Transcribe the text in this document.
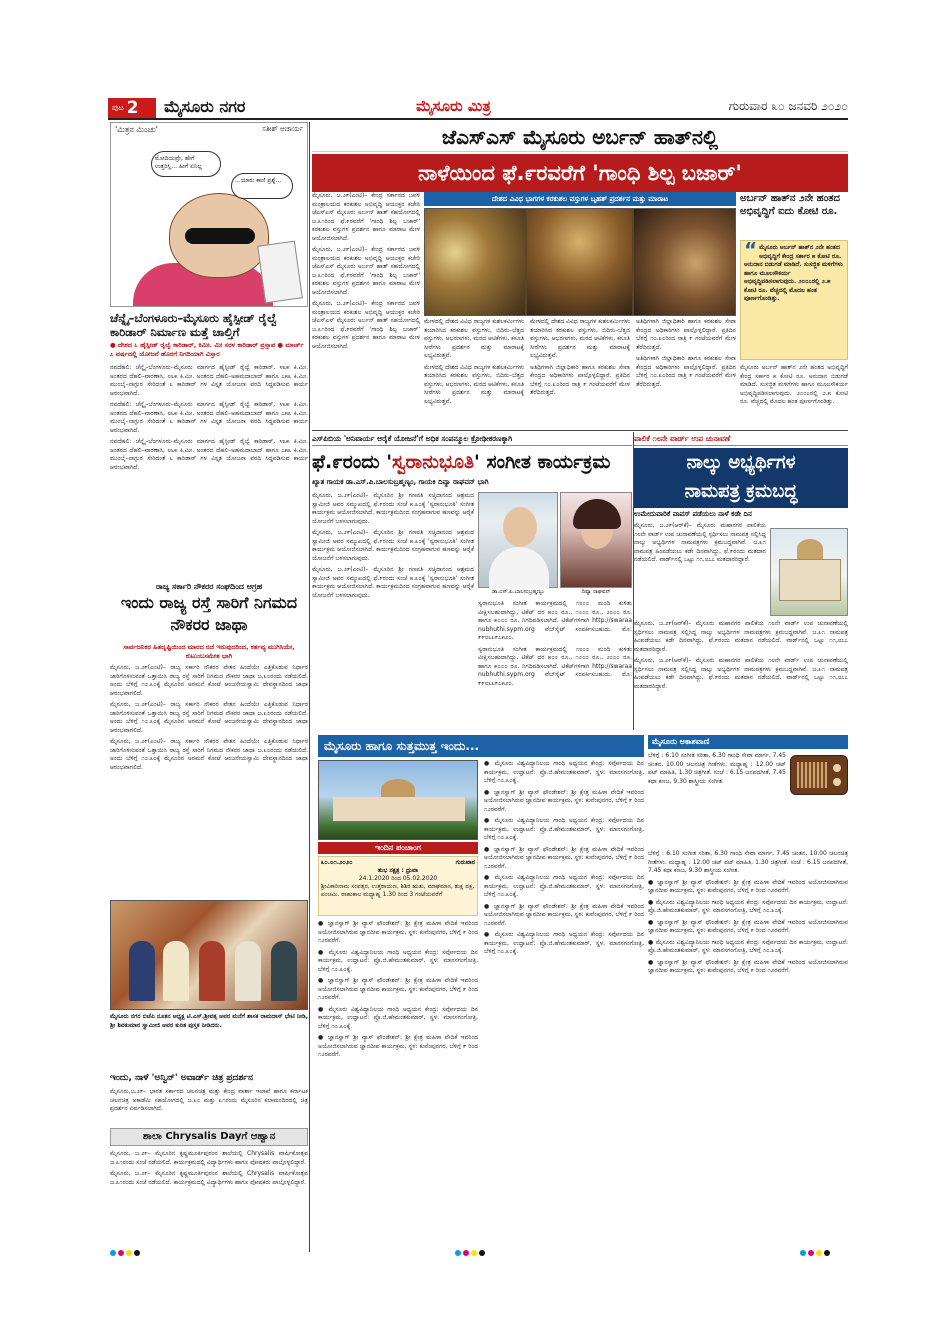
ಪುಟ 2 ಮೈಸೂರು ನಗರ	ಮೈಸೂರು ಮಿತ್ರ	ಗುರುವಾರ ೩೦ ಜನವರಿ ೨೦೨೦
'ಮಿತ್ರನ ಮಿಂಚು'	ಸತೀಶ್ ಆಚಾರ್ಯ
ಮೋದಿಯವ್ರೇ, ಹೇಗೆ ಉತ್ತರಿಸ್ಲಿ... ಹೀಗೆ ಏನಿಲ್ಲ
...ಯಾರು ಕಾಣಿ ಪ್ರಶ್ನೆ...
ಚೆನ್ನೈ–ಬೆಂಗಳೂರು–ಮೈಸೂರು ಹೈಸ್ಪೀಡ್ ರೈಲ್ವೆ ಕಾರಿಡಾರ್ ನಿರ್ಮಾಣ ಮತ್ತೆ ಚಾಲ್ತಿಗೆ
● ದೇಶದ ೬ ಹೈಸ್ಪೀಡ್ ರೈಲ್ವೆ ಕಾರಿಡಾರ್, ಕಿಮೀ. ಮೀ ಸರಳ ಕಾರಿಡಾರ್ ಪ್ರಸ್ತಾಪ ● ಮಾರ್ಚ್ ೭ ವರ್ಷದಲ್ಲಿ ಯೋಜನೆ ಹೊರಗೆ ನಿಗದಿಯಾಗಿ ವಿಸ್ತಾರ

ನವದೆಹಲಿ: ಚೆನ್ನೈ–ಬೆಂಗಳೂರು–ಮೈಸೂರು ಮಾರ್ಗದ ಹೈಸ್ಪೀಡ್ ರೈಲ್ವೆ ಕಾರಿಡಾರ್, ೪೩೫ ಕಿ.ಮೀ. ಅಂತರದ ದೆಹಲಿ–ವಾರಣಾಸಿ, ೮೬೫ ಕಿ.ಮೀ. ಅಂತರದ ದೆಹಲಿ–ಅಹಮದಾಬಾದ್ ಹಾಗೂ ೭೫೩ ಕಿ.ಮೀ. ಮುಂಬೈ–ನಾಗ್ಪುರ ಸೇರಿದಂತೆ ೬ ಕಾರಿಡಾರ್ ಗಳ ವಿಸ್ತೃತ ಯೋಜನಾ ವರದಿ ಸಿದ್ಧಪಡಿಸುವ ಕಾರ್ಯ ಆರಂಭವಾಗಿದೆ.

ನವದೆಹಲಿ: ಚೆನ್ನೈ–ಬೆಂಗಳೂರು–ಮೈಸೂರು ಮಾರ್ಗದ ಹೈಸ್ಪೀಡ್ ರೈಲ್ವೆ ಕಾರಿಡಾರ್, ೪೩೫ ಕಿ.ಮೀ. ಅಂತರದ ದೆಹಲಿ–ವಾರಣಾಸಿ, ೮೬೫ ಕಿ.ಮೀ. ಅಂತರದ ದೆಹಲಿ–ಅಹಮದಾಬಾದ್ ಹಾಗೂ ೭೫೩ ಕಿ.ಮೀ. ಮುಂಬೈ–ನಾಗ್ಪುರ ಸೇರಿದಂತೆ ೬ ಕಾರಿಡಾರ್ ಗಳ ವಿಸ್ತೃತ ಯೋಜನಾ ವರದಿ ಸಿದ್ಧಪಡಿಸುವ ಕಾರ್ಯ ಆರಂಭವಾಗಿದೆ.

ನವದೆಹಲಿ: ಚೆನ್ನೈ–ಬೆಂಗಳೂರು–ಮೈಸೂರು ಮಾರ್ಗದ ಹೈಸ್ಪೀಡ್ ರೈಲ್ವೆ ಕಾರಿಡಾರ್, ೪೩೫ ಕಿ.ಮೀ. ಅಂತರದ ದೆಹಲಿ–ವಾರಣಾಸಿ, ೮೬೫ ಕಿ.ಮೀ. ಅಂತರದ ದೆಹಲಿ–ಅಹಮದಾಬಾದ್ ಹಾಗೂ ೭೫೩ ಕಿ.ಮೀ. ಮುಂಬೈ–ನಾಗ್ಪುರ ಸೇರಿದಂತೆ ೬ ಕಾರಿಡಾರ್ ಗಳ ವಿಸ್ತೃತ ಯೋಜನಾ ವರದಿ ಸಿದ್ಧಪಡಿಸುವ ಕಾರ್ಯ ಆರಂಭವಾಗಿದೆ.

ರಾಜ್ಯ ಸರ್ಕಾರಿ ನೌಕರರ ಸಂಘದಿಂದ ಆಗ್ರಹ
ಇಂದು ರಾಜ್ಯ ರಸ್ತೆ ಸಾರಿಗೆ ನಿಗಮದ ನೌಕರರ ಜಾಥಾ
ಸಾರ್ವಜನಿಕರ ಹಿತದೃಷ್ಟಿಯಿಂದ ಮಾರದ ರಜೆ ಇರುವುದರಿಂದ, ಕರ್ತವ್ಯ ಮುಗಿಸಿಯೇ, ಕುಟುಂಬಸಮೇತ ಭಾಗಿ

ಮೈಸೂರು, ಜ.೨೯(ಎಂಟಿ)– ರಾಜ್ಯ ಸರ್ಕಾರಿ ನೌಕರರ ವೇತನ ಹಿಂದೆಯೇ ಎತ್ತಿಕೊಡುವ ನಿರ್ಧಾರ ಜಾರಿಗೊಳಿಸುವಂತೆ ಒತ್ತಾಯಿಸಿ ರಾಜ್ಯ ರಸ್ತೆ ಸಾರಿಗೆ ನಿಗಮದ ನೌಕರರ ಜಾಥಾ ಜ.೩೦ರಂದು ನಡೆಯಲಿದೆ. ಅಂದು ಬೆಳಿಗ್ಗೆ ೧೦.೩೦ಕ್ಕೆ ಮೈಸೂರಿನ ಅರಮನೆ ಕೋಟೆ ಆಂಜನೇಯಸ್ವಾಮಿ ದೇವಸ್ಥಾನದಿಂದ ಜಾಥಾ ಆರಂಭವಾಗಲಿದೆ.

ಮೈಸೂರು, ಜ.೨೯(ಎಂಟಿ)– ರಾಜ್ಯ ಸರ್ಕಾರಿ ನೌಕರರ ವೇತನ ಹಿಂದೆಯೇ ಎತ್ತಿಕೊಡುವ ನಿರ್ಧಾರ ಜಾರಿಗೊಳಿಸುವಂತೆ ಒತ್ತಾಯಿಸಿ ರಾಜ್ಯ ರಸ್ತೆ ಸಾರಿಗೆ ನಿಗಮದ ನೌಕರರ ಜಾಥಾ ಜ.೩೦ರಂದು ನಡೆಯಲಿದೆ. ಅಂದು ಬೆಳಿಗ್ಗೆ ೧೦.೩೦ಕ್ಕೆ ಮೈಸೂರಿನ ಅರಮನೆ ಕೋಟೆ ಆಂಜನೇಯಸ್ವಾಮಿ ದೇವಸ್ಥಾನದಿಂದ ಜಾಥಾ ಆರಂಭವಾಗಲಿದೆ.

ಮೈಸೂರು, ಜ.೨೯(ಎಂಟಿ)– ರಾಜ್ಯ ಸರ್ಕಾರಿ ನೌಕರರ ವೇತನ ಹಿಂದೆಯೇ ಎತ್ತಿಕೊಡುವ ನಿರ್ಧಾರ ಜಾರಿಗೊಳಿಸುವಂತೆ ಒತ್ತಾಯಿಸಿ ರಾಜ್ಯ ರಸ್ತೆ ಸಾರಿಗೆ ನಿಗಮದ ನೌಕರರ ಜಾಥಾ ಜ.೩೦ರಂದು ನಡೆಯಲಿದೆ. ಅಂದು ಬೆಳಿಗ್ಗೆ ೧೦.೩೦ಕ್ಕೆ ಮೈಸೂರಿನ ಅರಮನೆ ಕೋಟೆ ಆಂಜನೇಯಸ್ವಾಮಿ ದೇವಸ್ಥಾನದಿಂದ ಜಾಥಾ ಆರಂಭವಾಗಲಿದೆ.

ಮೈಸೂರು ನಗರ ಬಿಜೆಪಿ ನೂತನ ಅಧ್ಯಕ್ಷ ಟಿ.ಎಸ್.ಶ್ರೀವತ್ಸ ಅವರ ಮನೆಗೆ ಶಾಸಕ ರಾಮದಾಸ್ ಭೇಟಿ ನೀಡಿ, ಶ್ರೀ ಶಿವಕುಮಾರ ಸ್ವಾಮೀಜಿ ಅವರ ಕುರಿತ ಪುಸ್ತಕ ನೀಡಿದರು.

ಇಂದು, ನಾಳೆ 'ಅನ್ವಿನ್' ಅವಾರ್ಡ್ ಚಿತ್ರ ಪ್ರದರ್ಶನ

ಮೈಸೂರು,ಜ.೨೯– ಭಾರತ ಸರ್ಕಾರದ ಚಲನಚಿತ್ರ ಮತ್ತು ಕೇಂದ್ರ ವಾರ್ತಾ ಇಲಾಖೆ ಹಾಗೂ ಕರ್ನಾಟಕ ಚಲನಚಿತ್ರ ಅಕಾಡೆಮಿ ಸಹಯೋಗದಲ್ಲಿ ಜ.೩೦ ಮತ್ತು ೩೧ರಂದು ಮೈಸೂರಿನ ಕಲಾಮಂದಿರದಲ್ಲಿ ಚಿತ್ರ ಪ್ರದರ್ಶನ ಏರ್ಪಡಿಸಲಾಗಿದೆ.

ಶಾಲಾ Chrysalis Dayಗೆ ಆಹ್ವಾನ

ಮೈಸೂರು, ಜ.೨೯– ಮೈಸೂರಿನ ಕೃಷ್ಣಮೂರ್ತಿಪುರಂನ ಶಾಲೆಯಲ್ಲಿ Chrysalis ವಾರ್ಷಿಕೋತ್ಸವ ಜ.೩೧ರಂದು ಸಂಜೆ ನಡೆಯಲಿದೆ. ಕಾರ್ಯಕ್ರಮದಲ್ಲಿ ವಿದ್ಯಾರ್ಥಿಗಳು ಹಾಗೂ ಪೋಷಕರು ಪಾಲ್ಗೊಳ್ಳಲಿದ್ದಾರೆ.

ಮೈಸೂರು, ಜ.೨೯– ಮೈಸೂರಿನ ಕೃಷ್ಣಮೂರ್ತಿಪುರಂನ ಶಾಲೆಯಲ್ಲಿ Chrysalis ವಾರ್ಷಿಕೋತ್ಸವ ಜ.೩೧ರಂದು ಸಂಜೆ ನಡೆಯಲಿದೆ. ಕಾರ್ಯಕ್ರಮದಲ್ಲಿ ವಿದ್ಯಾರ್ಥಿಗಳು ಹಾಗೂ ಪೋಷಕರು ಪಾಲ್ಗೊಳ್ಳಲಿದ್ದಾರೆ.

ಜೆಎಸ್‌ಎಸ್ ಮೈಸೂರು ಅರ್ಬನ್ ಹಾತ್‌ನಲ್ಲಿ
ನಾಳೆಯಿಂದ ಫೆ.೯ರವರೆಗೆ 'ಗಾಂಧಿ ಶಿಲ್ಪ ಬಜಾರ್'

ಮೈಸೂರು, ಜ.೨೯(ಎಂಟಿ)– ಕೇಂದ್ರ ಸರ್ಕಾರದ ಜವಳಿ ಮಂತ್ರಾಲಯದ ಕರಕುಶಲ ಅಭಿವೃದ್ಧಿ ಆಯುಕ್ತರ ಕಚೇರಿ ಜೆಎಸ್‌ಎಸ್ ಮೈಸೂರು ಅರ್ಬನ್ ಹಾತ್ ಸಹಯೋಗದಲ್ಲಿ ಜ.೩೧ರಿಂದ ಫೆ.೯ರವರೆಗೆ 'ಗಾಂಧಿ ಶಿಲ್ಪ ಬಜಾರ್' ಕರಕುಶಲ ವಸ್ತುಗಳ ಪ್ರದರ್ಶನ ಹಾಗೂ ಮಾರಾಟ ಮೇಳ ಆಯೋಜಿಸಲಾಗಿದೆ.

ಮೈಸೂರು, ಜ.೨೯(ಎಂಟಿ)– ಕೇಂದ್ರ ಸರ್ಕಾರದ ಜವಳಿ ಮಂತ್ರಾಲಯದ ಕರಕುಶಲ ಅಭಿವೃದ್ಧಿ ಆಯುಕ್ತರ ಕಚೇರಿ ಜೆಎಸ್‌ಎಸ್ ಮೈಸೂರು ಅರ್ಬನ್ ಹಾತ್ ಸಹಯೋಗದಲ್ಲಿ ಜ.೩೧ರಿಂದ ಫೆ.೯ರವರೆಗೆ 'ಗಾಂಧಿ ಶಿಲ್ಪ ಬಜಾರ್' ಕರಕುಶಲ ವಸ್ತುಗಳ ಪ್ರದರ್ಶನ ಹಾಗೂ ಮಾರಾಟ ಮೇಳ ಆಯೋಜಿಸಲಾಗಿದೆ.

ಮೈಸೂರು, ಜ.೨೯(ಎಂಟಿ)– ಕೇಂದ್ರ ಸರ್ಕಾರದ ಜವಳಿ ಮಂತ್ರಾಲಯದ ಕರಕುಶಲ ಅಭಿವೃದ್ಧಿ ಆಯುಕ್ತರ ಕಚೇರಿ ಜೆಎಸ್‌ಎಸ್ ಮೈಸೂರು ಅರ್ಬನ್ ಹಾತ್ ಸಹಯೋಗದಲ್ಲಿ ಜ.೩೧ರಿಂದ ಫೆ.೯ರವರೆಗೆ 'ಗಾಂಧಿ ಶಿಲ್ಪ ಬಜಾರ್' ಕರಕುಶಲ ವಸ್ತುಗಳ ಪ್ರದರ್ಶನ ಹಾಗೂ ಮಾರಾಟ ಮೇಳ ಆಯೋಜಿಸಲಾಗಿದೆ.

ದೇಶದ ವಿವಿಧ ಭಾಗಗಳ ಕರಕುಶಲ ವಸ್ತುಗಳ ಬೃಹತ್ ಪ್ರದರ್ಶನ ಮತ್ತು ಮಾರಾಟ

ಮೇಳದಲ್ಲಿ ದೇಶದ ವಿವಿಧ ರಾಜ್ಯಗಳ ಕುಶಲಕರ್ಮಿಗಳು ತಯಾರಿಸಿದ ಕರಕುಶಲ ವಸ್ತುಗಳು, ಬಿದಿರು–ಬೆತ್ತದ ವಸ್ತುಗಳು, ಆಭರಣಗಳು, ಮರದ ಆಟಿಕೆಗಳು, ಕಸೂತಿ ಸೀರೆಗಳು ಪ್ರದರ್ಶನ ಮತ್ತು ಮಾರಾಟಕ್ಕೆ ಲಭ್ಯವಿರುತ್ತವೆ.

ಮೇಳದಲ್ಲಿ ದೇಶದ ವಿವಿಧ ರಾಜ್ಯಗಳ ಕುಶಲಕರ್ಮಿಗಳು ತಯಾರಿಸಿದ ಕರಕುಶಲ ವಸ್ತುಗಳು, ಬಿದಿರು–ಬೆತ್ತದ ವಸ್ತುಗಳು, ಆಭರಣಗಳು, ಮರದ ಆಟಿಕೆಗಳು, ಕಸೂತಿ ಸೀರೆಗಳು ಪ್ರದರ್ಶನ ಮತ್ತು ಮಾರಾಟಕ್ಕೆ ಲಭ್ಯವಿರುತ್ತವೆ.

ಮೇಳದಲ್ಲಿ ದೇಶದ ವಿವಿಧ ರಾಜ್ಯಗಳ ಕುಶಲಕರ್ಮಿಗಳು ತಯಾರಿಸಿದ ಕರಕುಶಲ ವಸ್ತುಗಳು, ಬಿದಿರು–ಬೆತ್ತದ ವಸ್ತುಗಳು, ಆಭರಣಗಳು, ಮರದ ಆಟಿಕೆಗಳು, ಕಸೂತಿ ಸೀರೆಗಳು ಪ್ರದರ್ಶನ ಮತ್ತು ಮಾರಾಟಕ್ಕೆ ಲಭ್ಯವಿರುತ್ತವೆ.

ಅತಿಥಿಗಳಾಗಿ ಜಿಲ್ಲಾಧಿಕಾರಿ ಹಾಗೂ ಕರಕುಶಲ ಸೇವಾ ಕೇಂದ್ರದ ಅಧಿಕಾರಿಗಳು ಪಾಲ್ಗೊಳ್ಳಲಿದ್ದಾರೆ. ಪ್ರತಿದಿನ ಬೆಳಿಗ್ಗೆ ೧೦.೩೦ರಿಂದ ರಾತ್ರಿ ೯ ಗಂಟೆಯವರೆಗೆ ಮೇಳ ತೆರೆದಿರುತ್ತದೆ.

ಅತಿಥಿಗಳಾಗಿ ಜಿಲ್ಲಾಧಿಕಾರಿ ಹಾಗೂ ಕರಕುಶಲ ಸೇವಾ ಕೇಂದ್ರದ ಅಧಿಕಾರಿಗಳು ಪಾಲ್ಗೊಳ್ಳಲಿದ್ದಾರೆ. ಪ್ರತಿದಿನ ಬೆಳಿಗ್ಗೆ ೧೦.೩೦ರಿಂದ ರಾತ್ರಿ ೯ ಗಂಟೆಯವರೆಗೆ ಮೇಳ ತೆರೆದಿರುತ್ತದೆ.

ಅತಿಥಿಗಳಾಗಿ ಜಿಲ್ಲಾಧಿಕಾರಿ ಹಾಗೂ ಕರಕುಶಲ ಸೇವಾ ಕೇಂದ್ರದ ಅಧಿಕಾರಿಗಳು ಪಾಲ್ಗೊಳ್ಳಲಿದ್ದಾರೆ. ಪ್ರತಿದಿನ ಬೆಳಿಗ್ಗೆ ೧೦.೩೦ರಿಂದ ರಾತ್ರಿ ೯ ಗಂಟೆಯವರೆಗೆ ಮೇಳ ತೆರೆದಿರುತ್ತದೆ.

ಅರ್ಬನ್ ಹಾತ್‌ನ ೨ನೇ ಹಂತದ ಅಭಿವೃದ್ಧಿಗೆ ಐದು ಕೋಟಿ ರೂ.
“ ಮೈಸೂರು ಅರ್ಬನ್ ಹಾತ್‌ನ ೨ನೇ ಹಂತದ ಅಭಿವೃದ್ಧಿಗೆ ಕೇಂದ್ರ ಸರ್ಕಾರ ೫ ಕೋಟಿ ರೂ. ಅನುದಾನ ಬಿಡುಗಡೆ ಮಾಡಿದೆ. ಸುಸಜ್ಜಿತ ಮಳಿಗೆಗಳು ಹಾಗೂ ಮೂಲಸೌಕರ್ಯ ಅಭಿವೃದ್ಧಿಪಡಿಸಲಾಗುವುದು. ೨೦೦೭ರಲ್ಲಿ ೨.೫ ಕೋಟಿ ರೂ. ವೆಚ್ಚದಲ್ಲಿ ಮೊದಲ ಹಂತ ಪೂರ್ಣಗೊಂಡಿತ್ತು.

ಮೈಸೂರು ಅರ್ಬನ್ ಹಾತ್‌ನ ೨ನೇ ಹಂತದ ಅಭಿವೃದ್ಧಿಗೆ ಕೇಂದ್ರ ಸರ್ಕಾರ ೫ ಕೋಟಿ ರೂ. ಅನುದಾನ ಬಿಡುಗಡೆ ಮಾಡಿದೆ. ಸುಸಜ್ಜಿತ ಮಳಿಗೆಗಳು ಹಾಗೂ ಮೂಲಸೌಕರ್ಯ ಅಭಿವೃದ್ಧಿಪಡಿಸಲಾಗುವುದು. ೨೦೦೭ರಲ್ಲಿ ೨.೫ ಕೋಟಿ ರೂ. ವೆಚ್ಚದಲ್ಲಿ ಮೊದಲ ಹಂತ ಪೂರ್ಣಗೊಂಡಿತ್ತು.

ಎಸ್‌ಪಿಬಿಯ 'ಅನಿವಾರ್ಯ ಆರೈಕೆ ಯೋಜನೆ'ಗೆ ಅಧಿಕ ಸಂಪನ್ಮೂಲ ಕ್ರೋಢೀಕರಣಕ್ಕಾಗಿ
ಫೆ.೯ರಂದು 'ಸ್ವರಾನುಭೂತಿ' ಸಂಗೀತ ಕಾರ್ಯಕ್ರಮ
ಖ್ಯಾತ ಗಾಯಕ ಡಾ.ಎಸ್.ಪಿ.ಬಾಲಸುಬ್ರಹ್ಮಣ್ಯಂ, ಗಾಯಕಿ ದಿವ್ಯಾ ರಾಘವನ್ ಭಾಗಿ

ಮೈಸೂರು, ಜ.೨೯(ಎಂಟಿ)– ಮೈಸೂರಿನ ಶ್ರೀ ಗಣಪತಿ ಸಚ್ಚಿದಾನಂದ ಆಶ್ರಮದ ಸ್ವಾಮೀಜಿ ಅವರ ಸಮ್ಮುಖದಲ್ಲಿ ಫೆ.೯ರಂದು ಸಂಜೆ ೫.೩೦ಕ್ಕೆ 'ಸ್ವರಾನುಭೂತಿ' ಸಂಗೀತ ಕಾರ್ಯಕ್ರಮ ಆಯೋಜಿಸಲಾಗಿದೆ. ಕಾರ್ಯಕ್ರಮದಿಂದ ಸಂಗ್ರಹವಾಗುವ ಹಣವನ್ನು ಆರೈಕೆ ಯೋಜನೆಗೆ ಬಳಸಲಾಗುವುದು.

ಮೈಸೂರು, ಜ.೨೯(ಎಂಟಿ)– ಮೈಸೂರಿನ ಶ್ರೀ ಗಣಪತಿ ಸಚ್ಚಿದಾನಂದ ಆಶ್ರಮದ ಸ್ವಾಮೀಜಿ ಅವರ ಸಮ್ಮುಖದಲ್ಲಿ ಫೆ.೯ರಂದು ಸಂಜೆ ೫.೩೦ಕ್ಕೆ 'ಸ್ವರಾನುಭೂತಿ' ಸಂಗೀತ ಕಾರ್ಯಕ್ರಮ ಆಯೋಜಿಸಲಾಗಿದೆ. ಕಾರ್ಯಕ್ರಮದಿಂದ ಸಂಗ್ರಹವಾಗುವ ಹಣವನ್ನು ಆರೈಕೆ ಯೋಜನೆಗೆ ಬಳಸಲಾಗುವುದು.

ಮೈಸೂರು, ಜ.೨೯(ಎಂಟಿ)– ಮೈಸೂರಿನ ಶ್ರೀ ಗಣಪತಿ ಸಚ್ಚಿದಾನಂದ ಆಶ್ರಮದ ಸ್ವಾಮೀಜಿ ಅವರ ಸಮ್ಮುಖದಲ್ಲಿ ಫೆ.೯ರಂದು ಸಂಜೆ ೫.೩೦ಕ್ಕೆ 'ಸ್ವರಾನುಭೂತಿ' ಸಂಗೀತ ಕಾರ್ಯಕ್ರಮ ಆಯೋಜಿಸಲಾಗಿದೆ. ಕಾರ್ಯಕ್ರಮದಿಂದ ಸಂಗ್ರಹವಾಗುವ ಹಣವನ್ನು ಆರೈಕೆ ಯೋಜನೆಗೆ ಬಳಸಲಾಗುವುದು.	ಡಾ.ಎಸ್.ಪಿ.ಬಾಲಸುಬ್ರಹ್ಮಣ್ಯಂ	ದಿವ್ಯಾ ರಾಘವನ್

ಸ್ವರಾನುಭೂತಿ ಸಂಗೀತ ಕಾರ್ಯಕ್ರಮದಲ್ಲಿ ೧೮೦೦ ಮಂದಿ ಕುಳಿತು ವೀಕ್ಷಿಸಬಹುದಾಗಿದ್ದು, ಟಿಕೆಟ್ ದರ ೫೦೦ ರೂ., ೧೦೦೦ ರೂ., ೨೦೦೦ ರೂ. ಹಾಗೂ ೫೦೦೦ ರೂ. ನಿಗದಿಪಡಿಸಲಾಗಿದೆ. ಟಿಕೆಟ್‌ಗಳಿಗಾಗಿ http://swaraa nubhuthi.sypm.org ವೆಬ್‌ಸೈಟ್ ಸಂಪರ್ಕಿಸಬಹುದು. ಮೊ: ೯೯೮೬೩೯೭೫೨೦.

ಸ್ವರಾನುಭೂತಿ ಸಂಗೀತ ಕಾರ್ಯಕ್ರಮದಲ್ಲಿ ೧೮೦೦ ಮಂದಿ ಕುಳಿತು ವೀಕ್ಷಿಸಬಹುದಾಗಿದ್ದು, ಟಿಕೆಟ್ ದರ ೫೦೦ ರೂ., ೧೦೦೦ ರೂ., ೨೦೦೦ ರೂ. ಹಾಗೂ ೫೦೦೦ ರೂ. ನಿಗದಿಪಡಿಸಲಾಗಿದೆ. ಟಿಕೆಟ್‌ಗಳಿಗಾಗಿ http://swaraa nubhuthi.sypm.org ವೆಬ್‌ಸೈಟ್ ಸಂಪರ್ಕಿಸಬಹುದು. ಮೊ: ೯೯೮೬೩೯೭೫೨೦.

ಪಾಲಿಕೆ ೧೮ನೇ ವಾರ್ಡ್ ಉಪ ಚುನಾವಣೆ
ನಾಲ್ಕು ಅಭ್ಯರ್ಥಿಗಳ
ನಾಮಪತ್ರ ಕ್ರಮಬದ್ಧ
ಉಮೇದುವಾರಿಕೆ ವಾಪಸ್ ಪಡೆಯಲು ನಾಳೆ ಕಡೇ ದಿನ

ಮೈಸೂರು, ಜ.೨೯(ಆರ್‌ಕೆ)– ಮೈಸೂರು ಮಹಾನಗರ ಪಾಲಿಕೆಯ ೧೮ನೇ ವಾರ್ಡ್ ಉಪ ಚುನಾವಣೆಯಲ್ಲಿ ಸ್ಪರ್ಧಿಸಲು ನಾಮಪತ್ರ ಸಲ್ಲಿಸಿದ್ದ ನಾಲ್ಕು ಅಭ್ಯರ್ಥಿಗಳ ನಾಮಪತ್ರಗಳು ಕ್ರಮಬದ್ಧವಾಗಿವೆ. ಜ.೩೧ ನಾಮಪತ್ರ ಹಿಂಪಡೆಯಲು ಕಡೇ ದಿನವಾಗಿದ್ದು, ಫೆ.೯ರಂದು ಮತದಾನ ನಡೆಯಲಿದೆ. ವಾರ್ಡ್‌ನಲ್ಲಿ ಒಟ್ಟು ೧೧,೮೭೭ ಮತದಾರರಿದ್ದಾರೆ.

ಮೈಸೂರು, ಜ.೨೯(ಆರ್‌ಕೆ)– ಮೈಸೂರು ಮಹಾನಗರ ಪಾಲಿಕೆಯ ೧೮ನೇ ವಾರ್ಡ್ ಉಪ ಚುನಾವಣೆಯಲ್ಲಿ ಸ್ಪರ್ಧಿಸಲು ನಾಮಪತ್ರ ಸಲ್ಲಿಸಿದ್ದ ನಾಲ್ಕು ಅಭ್ಯರ್ಥಿಗಳ ನಾಮಪತ್ರಗಳು ಕ್ರಮಬದ್ಧವಾಗಿವೆ. ಜ.೩೧ ನಾಮಪತ್ರ ಹಿಂಪಡೆಯಲು ಕಡೇ ದಿನವಾಗಿದ್ದು, ಫೆ.೯ರಂದು ಮತದಾನ ನಡೆಯಲಿದೆ. ವಾರ್ಡ್‌ನಲ್ಲಿ ಒಟ್ಟು ೧೧,೮೭೭ ಮತದಾರರಿದ್ದಾರೆ.

ಮೈಸೂರು, ಜ.೨೯(ಆರ್‌ಕೆ)– ಮೈಸೂರು ಮಹಾನಗರ ಪಾಲಿಕೆಯ ೧೮ನೇ ವಾರ್ಡ್ ಉಪ ಚುನಾವಣೆಯಲ್ಲಿ ಸ್ಪರ್ಧಿಸಲು ನಾಮಪತ್ರ ಸಲ್ಲಿಸಿದ್ದ ನಾಲ್ಕು ಅಭ್ಯರ್ಥಿಗಳ ನಾಮಪತ್ರಗಳು ಕ್ರಮಬದ್ಧವಾಗಿವೆ. ಜ.೩೧ ನಾಮಪತ್ರ ಹಿಂಪಡೆಯಲು ಕಡೇ ದಿನವಾಗಿದ್ದು, ಫೆ.೯ರಂದು ಮತದಾನ ನಡೆಯಲಿದೆ. ವಾರ್ಡ್‌ನಲ್ಲಿ ಒಟ್ಟು ೧೧,೮೭೭ ಮತದಾರರಿದ್ದಾರೆ.

ಮೈಸೂರು ಹಾಗೂ ಸುತ್ತಮುತ್ತ ಇಂದು...
ಇಂದಿನ ಪಂಚಾಂಗ
೩೦.೦೧.೨೦೨೦	ಗುರುವಾರ
ಶುಭ ನಕ್ಷತ್ರ : ಧ್ರುವಾ
24.1.2020 ರಿಂದ 05.02.2020
ಶ್ರೀವಿಕಾರಿನಾಮ ಸಂವತ್ಸರ, ಉತ್ತರಾಯಣ, ಶಿಶಿರ ಋತು, ಮಾಘಮಾಸ, ಶುಕ್ಲ ಪಕ್ಷ, ಪಂಚಮಿ. ರಾಹುಕಾಲ ಮಧ್ಯಾಹ್ನ 1.30 ರಿಂದ 3 ಗಂಟೆಯವರೆಗೆ

● ಜ್ಞಾನಸ್ವಾಗ್ ಶ್ರೀ ವ್ಯಾಸ್ ಫೌಂಡೇಶನ್: ಶ್ರೀ ಕ್ಷೇತ್ರ ಮಹಿಳಾ ವೇದಿಕೆ ಇವರಿಂದ ಅಯೋಜಿಸಲಾಗಿರುವ ಜ್ಞಾನದೀಪ ಕಾರ್ಯಕ್ರಮ, ಸ್ಥಳ: ಕುವೆಂಪುನಗರ, ಬೆಳಿಗ್ಗೆ ೯ ರಿಂದ ೧೨ರವರೆಗೆ.

● ಮೈಸೂರು ವಿಶ್ವವಿದ್ಯಾನಿಲಯ ಗಾಂಧಿ ಅಧ್ಯಯನ ಕೇಂದ್ರ: ಸರ್ವೋದಯ ದಿನ ಕಾರ್ಯಕ್ರಮ, ಉದ್ಘಾಟನೆ: ಪ್ರೊ.ಜಿ.ಹೇಮಂತಕುಮಾರ್, ಸ್ಥಳ: ಮಾನಸಗಂಗೋತ್ರಿ, ಬೆಳಿಗ್ಗೆ ೧೦.೩೦ಕ್ಕೆ.

● ಜ್ಞಾನಸ್ವಾಗ್ ಶ್ರೀ ವ್ಯಾಸ್ ಫೌಂಡೇಶನ್: ಶ್ರೀ ಕ್ಷೇತ್ರ ಮಹಿಳಾ ವೇದಿಕೆ ಇವರಿಂದ ಅಯೋಜಿಸಲಾಗಿರುವ ಜ್ಞಾನದೀಪ ಕಾರ್ಯಕ್ರಮ, ಸ್ಥಳ: ಕುವೆಂಪುನಗರ, ಬೆಳಿಗ್ಗೆ ೯ ರಿಂದ ೧೨ರವರೆಗೆ.

● ಮೈಸೂರು ವಿಶ್ವವಿದ್ಯಾನಿಲಯ ಗಾಂಧಿ ಅಧ್ಯಯನ ಕೇಂದ್ರ: ಸರ್ವೋದಯ ದಿನ ಕಾರ್ಯಕ್ರಮ, ಉದ್ಘಾಟನೆ: ಪ್ರೊ.ಜಿ.ಹೇಮಂತಕುಮಾರ್, ಸ್ಥಳ: ಮಾನಸಗಂಗೋತ್ರಿ, ಬೆಳಿಗ್ಗೆ ೧೦.೩೦ಕ್ಕೆ.

● ಜ್ಞಾನಸ್ವಾಗ್ ಶ್ರೀ ವ್ಯಾಸ್ ಫೌಂಡೇಶನ್: ಶ್ರೀ ಕ್ಷೇತ್ರ ಮಹಿಳಾ ವೇದಿಕೆ ಇವರಿಂದ ಅಯೋಜಿಸಲಾಗಿರುವ ಜ್ಞಾನದೀಪ ಕಾರ್ಯಕ್ರಮ, ಸ್ಥಳ: ಕುವೆಂಪುನಗರ, ಬೆಳಿಗ್ಗೆ ೯ ರಿಂದ ೧೨ರವರೆಗೆ.

● ಮೈಸೂರು ವಿಶ್ವವಿದ್ಯಾನಿಲಯ ಗಾಂಧಿ ಅಧ್ಯಯನ ಕೇಂದ್ರ: ಸರ್ವೋದಯ ದಿನ ಕಾರ್ಯಕ್ರಮ, ಉದ್ಘಾಟನೆ: ಪ್ರೊ.ಜಿ.ಹೇಮಂತಕುಮಾರ್, ಸ್ಥಳ: ಮಾನಸಗಂಗೋತ್ರಿ, ಬೆಳಿಗ್ಗೆ ೧೦.೩೦ಕ್ಕೆ.

● ಜ್ಞಾನಸ್ವಾಗ್ ಶ್ರೀ ವ್ಯಾಸ್ ಫೌಂಡೇಶನ್: ಶ್ರೀ ಕ್ಷೇತ್ರ ಮಹಿಳಾ ವೇದಿಕೆ ಇವರಿಂದ ಅಯೋಜಿಸಲಾಗಿರುವ ಜ್ಞಾನದೀಪ ಕಾರ್ಯಕ್ರಮ, ಸ್ಥಳ: ಕುವೆಂಪುನಗರ, ಬೆಳಿಗ್ಗೆ ೯ ರಿಂದ ೧೨ರವರೆಗೆ.

● ಮೈಸೂರು ವಿಶ್ವವಿದ್ಯಾನಿಲಯ ಗಾಂಧಿ ಅಧ್ಯಯನ ಕೇಂದ್ರ: ಸರ್ವೋದಯ ದಿನ ಕಾರ್ಯಕ್ರಮ, ಉದ್ಘಾಟನೆ: ಪ್ರೊ.ಜಿ.ಹೇಮಂತಕುಮಾರ್, ಸ್ಥಳ: ಮಾನಸಗಂಗೋತ್ರಿ, ಬೆಳಿಗ್ಗೆ ೧೦.೩೦ಕ್ಕೆ.

● ಜ್ಞಾನಸ್ವಾಗ್ ಶ್ರೀ ವ್ಯಾಸ್ ಫೌಂಡೇಶನ್: ಶ್ರೀ ಕ್ಷೇತ್ರ ಮಹಿಳಾ ವೇದಿಕೆ ಇವರಿಂದ ಅಯೋಜಿಸಲಾಗಿರುವ ಜ್ಞಾನದೀಪ ಕಾರ್ಯಕ್ರಮ, ಸ್ಥಳ: ಕುವೆಂಪುನಗರ, ಬೆಳಿಗ್ಗೆ ೯ ರಿಂದ ೧೨ರವರೆಗೆ.

● ಮೈಸೂರು ವಿಶ್ವವಿದ್ಯಾನಿಲಯ ಗಾಂಧಿ ಅಧ್ಯಯನ ಕೇಂದ್ರ: ಸರ್ವೋದಯ ದಿನ ಕಾರ್ಯಕ್ರಮ, ಉದ್ಘಾಟನೆ: ಪ್ರೊ.ಜಿ.ಹೇಮಂತಕುಮಾರ್, ಸ್ಥಳ: ಮಾನಸಗಂಗೋತ್ರಿ, ಬೆಳಿಗ್ಗೆ ೧೦.೩೦ಕ್ಕೆ.

● ಜ್ಞಾನಸ್ವಾಗ್ ಶ್ರೀ ವ್ಯಾಸ್ ಫೌಂಡೇಶನ್: ಶ್ರೀ ಕ್ಷೇತ್ರ ಮಹಿಳಾ ವೇದಿಕೆ ಇವರಿಂದ ಅಯೋಜಿಸಲಾಗಿರುವ ಜ್ಞಾನದೀಪ ಕಾರ್ಯಕ್ರಮ, ಸ್ಥಳ: ಕುವೆಂಪುನಗರ, ಬೆಳಿಗ್ಗೆ ೯ ರಿಂದ ೧೨ರವರೆಗೆ.

● ಮೈಸೂರು ವಿಶ್ವವಿದ್ಯಾನಿಲಯ ಗಾಂಧಿ ಅಧ್ಯಯನ ಕೇಂದ್ರ: ಸರ್ವೋದಯ ದಿನ ಕಾರ್ಯಕ್ರಮ, ಉದ್ಘಾಟನೆ: ಪ್ರೊ.ಜಿ.ಹೇಮಂತಕುಮಾರ್, ಸ್ಥಳ: ಮಾನಸಗಂಗೋತ್ರಿ, ಬೆಳಿಗ್ಗೆ ೧೦.೩೦ಕ್ಕೆ.

ಮೈಸೂರು ಆಕಾಶವಾಣಿ

ಬೆಳಿಗ್ಗೆ : 6.10 ಸಂಗೀತ ಸರಿತಾ, 6.30 ಗಾಂಧಿ ಸೇವಾ ಮಾರ್ಗ, 7.45 ಚಿಂತನ, 10.00 ಚಲನಚಿತ್ರ ಗೀತೆಗಳು. ಮಧ್ಯಾಹ್ನ : 12.00 ಚಟ್ ಪಟ್ ಮಾಹಿತಿ, 1.30 ಚಿತ್ರಗೀತೆ. ಸಂಜೆ : 6.15 ಜನಪದಗೀತೆ, 7.45 ಕಥಾ ಕಣಜ, 9.30 ಶಾಸ್ತ್ರೀಯ ಸಂಗೀತ.

ಬೆಳಿಗ್ಗೆ : 6.10 ಸಂಗೀತ ಸರಿತಾ, 6.30 ಗಾಂಧಿ ಸೇವಾ ಮಾರ್ಗ, 7.45 ಚಿಂತನ, 10.00 ಚಲನಚಿತ್ರ ಗೀತೆಗಳು. ಮಧ್ಯಾಹ್ನ : 12.00 ಚಟ್ ಪಟ್ ಮಾಹಿತಿ, 1.30 ಚಿತ್ರಗೀತೆ. ಸಂಜೆ : 6.15 ಜನಪದಗೀತೆ, 7.45 ಕಥಾ ಕಣಜ, 9.30 ಶಾಸ್ತ್ರೀಯ ಸಂಗೀತ.

● ಜ್ಞಾನಸ್ವಾಗ್ ಶ್ರೀ ವ್ಯಾಸ್ ಫೌಂಡೇಶನ್: ಶ್ರೀ ಕ್ಷೇತ್ರ ಮಹಿಳಾ ವೇದಿಕೆ ಇವರಿಂದ ಅಯೋಜಿಸಲಾಗಿರುವ ಜ್ಞಾನದೀಪ ಕಾರ್ಯಕ್ರಮ, ಸ್ಥಳ: ಕುವೆಂಪುನಗರ, ಬೆಳಿಗ್ಗೆ ೯ ರಿಂದ ೧೨ರವರೆಗೆ.

● ಮೈಸೂರು ವಿಶ್ವವಿದ್ಯಾನಿಲಯ ಗಾಂಧಿ ಅಧ್ಯಯನ ಕೇಂದ್ರ: ಸರ್ವೋದಯ ದಿನ ಕಾರ್ಯಕ್ರಮ, ಉದ್ಘಾಟನೆ: ಪ್ರೊ.ಜಿ.ಹೇಮಂತಕುಮಾರ್, ಸ್ಥಳ: ಮಾನಸಗಂಗೋತ್ರಿ, ಬೆಳಿಗ್ಗೆ ೧೦.೩೦ಕ್ಕೆ.

● ಜ್ಞಾನಸ್ವಾಗ್ ಶ್ರೀ ವ್ಯಾಸ್ ಫೌಂಡೇಶನ್: ಶ್ರೀ ಕ್ಷೇತ್ರ ಮಹಿಳಾ ವೇದಿಕೆ ಇವರಿಂದ ಅಯೋಜಿಸಲಾಗಿರುವ ಜ್ಞಾನದೀಪ ಕಾರ್ಯಕ್ರಮ, ಸ್ಥಳ: ಕುವೆಂಪುನಗರ, ಬೆಳಿಗ್ಗೆ ೯ ರಿಂದ ೧೨ರವರೆಗೆ.

● ಮೈಸೂರು ವಿಶ್ವವಿದ್ಯಾನಿಲಯ ಗಾಂಧಿ ಅಧ್ಯಯನ ಕೇಂದ್ರ: ಸರ್ವೋದಯ ದಿನ ಕಾರ್ಯಕ್ರಮ, ಉದ್ಘಾಟನೆ: ಪ್ರೊ.ಜಿ.ಹೇಮಂತಕುಮಾರ್, ಸ್ಥಳ: ಮಾನಸಗಂಗೋತ್ರಿ, ಬೆಳಿಗ್ಗೆ ೧೦.೩೦ಕ್ಕೆ.

● ಜ್ಞಾನಸ್ವಾಗ್ ಶ್ರೀ ವ್ಯಾಸ್ ಫೌಂಡೇಶನ್: ಶ್ರೀ ಕ್ಷೇತ್ರ ಮಹಿಳಾ ವೇದಿಕೆ ಇವರಿಂದ ಅಯೋಜಿಸಲಾಗಿರುವ ಜ್ಞಾನದೀಪ ಕಾರ್ಯಕ್ರಮ, ಸ್ಥಳ: ಕುವೆಂಪುನಗರ, ಬೆಳಿಗ್ಗೆ ೯ ರಿಂದ ೧೨ರವರೆಗೆ.
